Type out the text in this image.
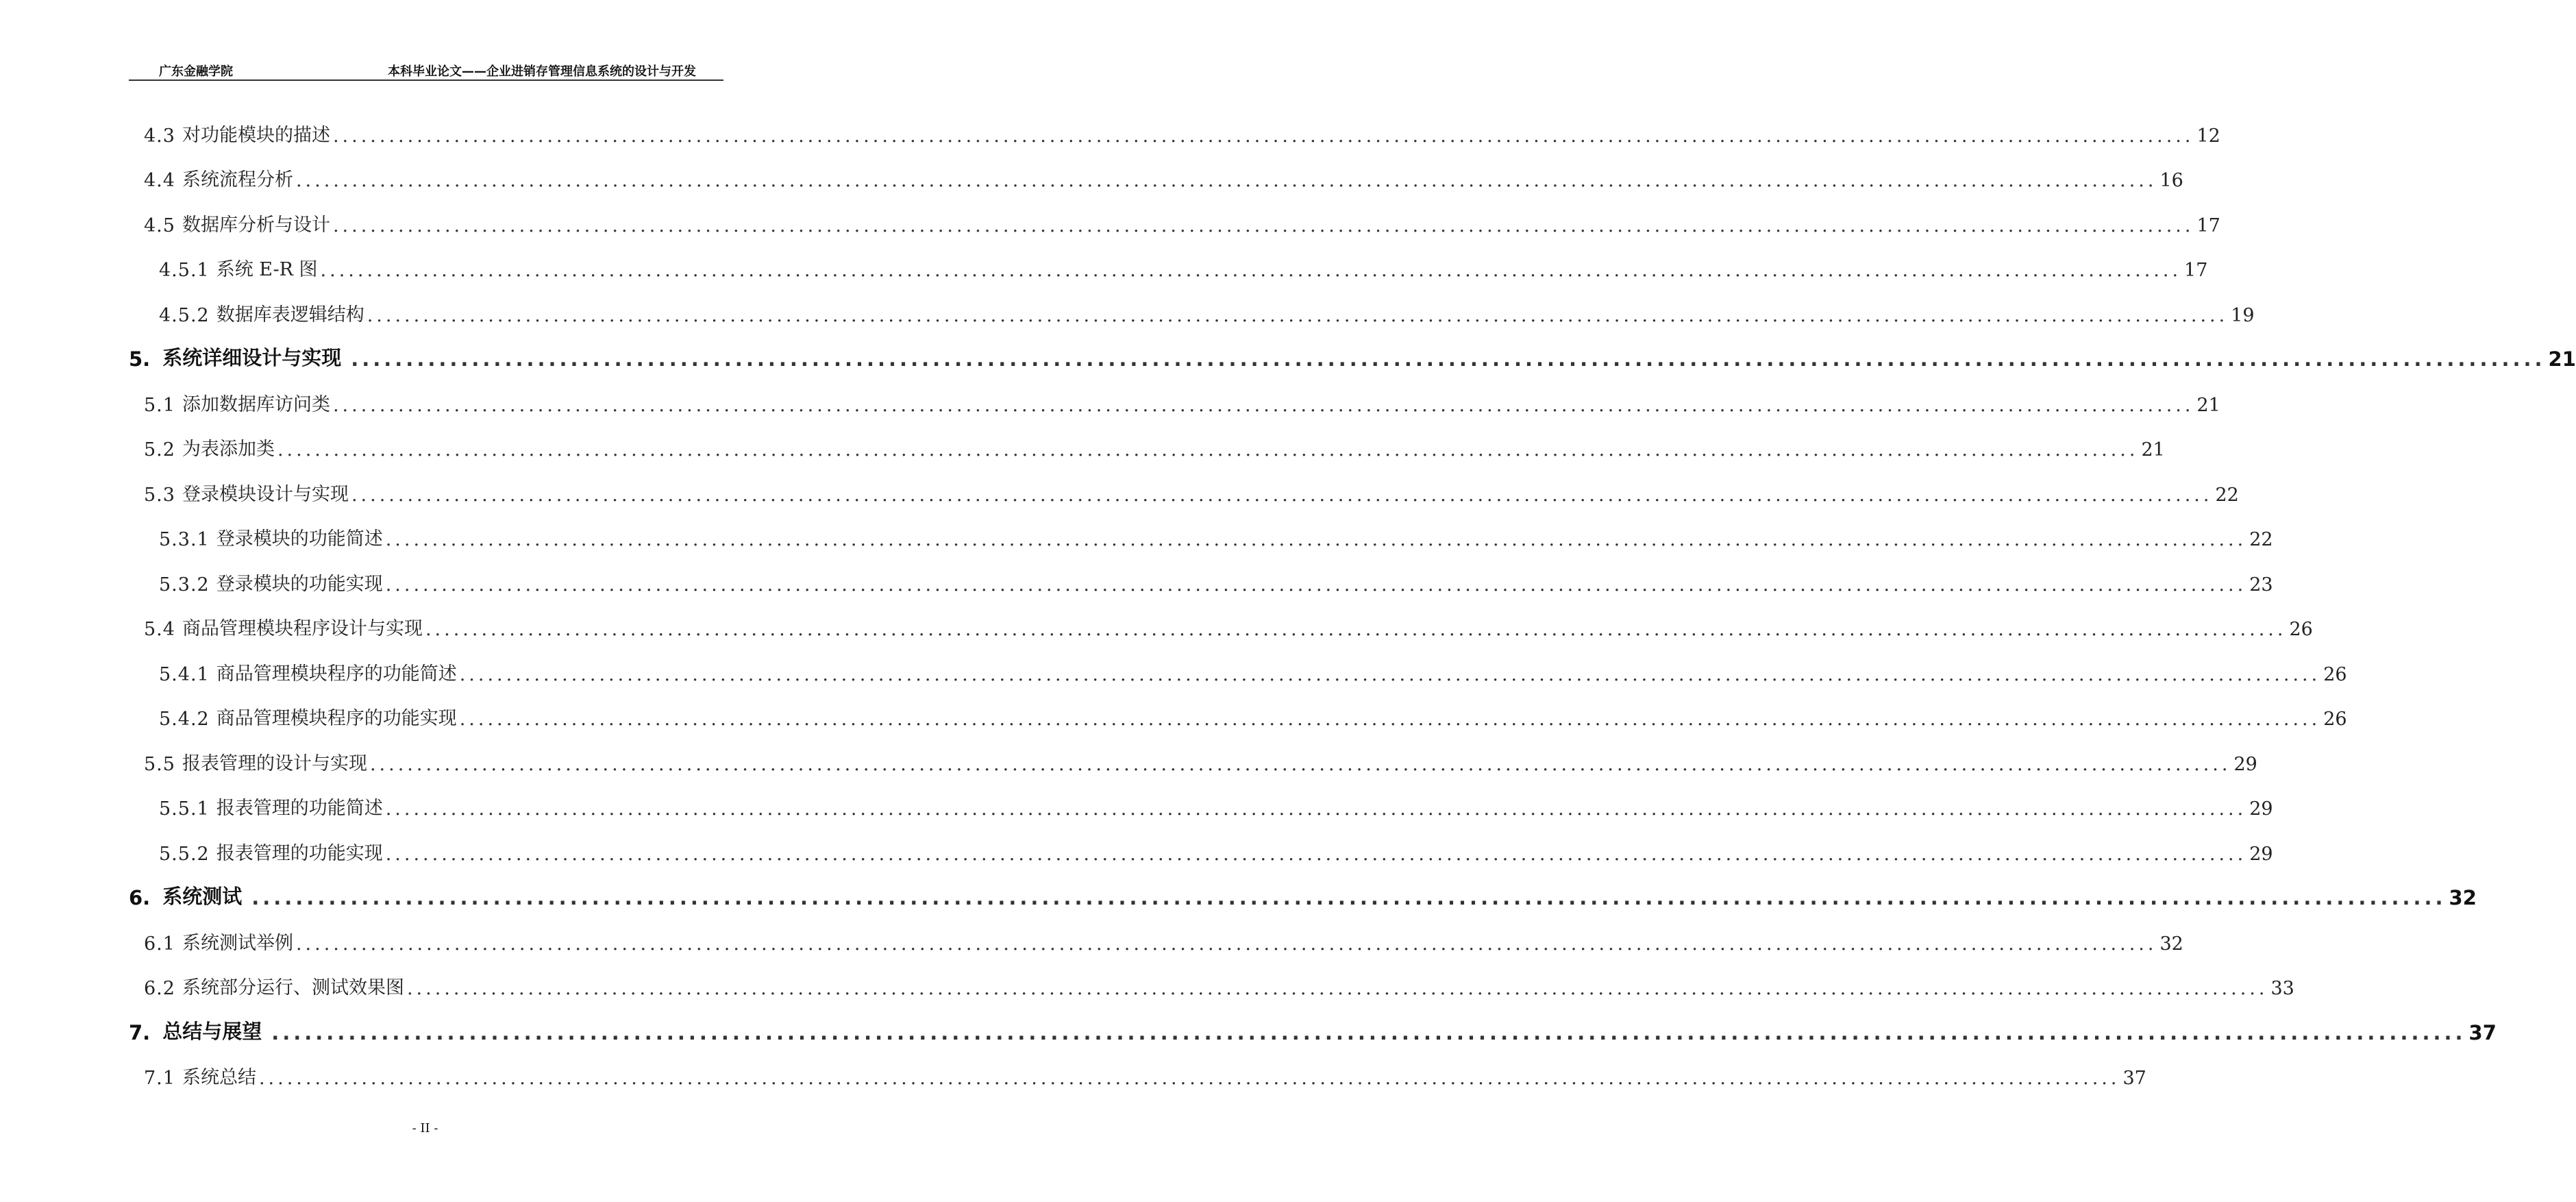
广东金融学院	本科毕业论文——企业进销存管理信息系统的设计与开发
4.3 对功能模块的描述 ........................................................................................................................................................................................................ 12
4.4 系统流程分析 ........................................................................................................................................................................................................ 16
4.5 数据库分析与设计 ........................................................................................................................................................................................................ 17
4.5.1 系统 E-R 图 ........................................................................................................................................................................................................ 17
4.5.2 数据库表逻辑结构 ........................................................................................................................................................................................................ 19
5. 系统详细设计与实现 ........................................................................................................................................................................................................ 21
5.1 添加数据库访问类 ........................................................................................................................................................................................................ 21
5.2 为表添加类 ........................................................................................................................................................................................................ 21
5.3 登录模块设计与实现 ........................................................................................................................................................................................................ 22
5.3.1 登录模块的功能简述 ........................................................................................................................................................................................................ 22
5.3.2 登录模块的功能实现 ........................................................................................................................................................................................................ 23
5.4 商品管理模块程序设计与实现 ........................................................................................................................................................................................................ 26
5.4.1 商品管理模块程序的功能简述 ........................................................................................................................................................................................................ 26
5.4.2 商品管理模块程序的功能实现 ........................................................................................................................................................................................................ 26
5.5 报表管理的设计与实现 ........................................................................................................................................................................................................ 29
5.5.1 报表管理的功能简述 ........................................................................................................................................................................................................ 29
5.5.2 报表管理的功能实现 ........................................................................................................................................................................................................ 29
6. 系统测试 ........................................................................................................................................................................................................ 32
6.1 系统测试举例 ........................................................................................................................................................................................................ 32
6.2 系统部分运行、测试效果图 ........................................................................................................................................................................................................ 33
7. 总结与展望 ........................................................................................................................................................................................................ 37
7.1 系统总结 ........................................................................................................................................................................................................ 37
- II -
